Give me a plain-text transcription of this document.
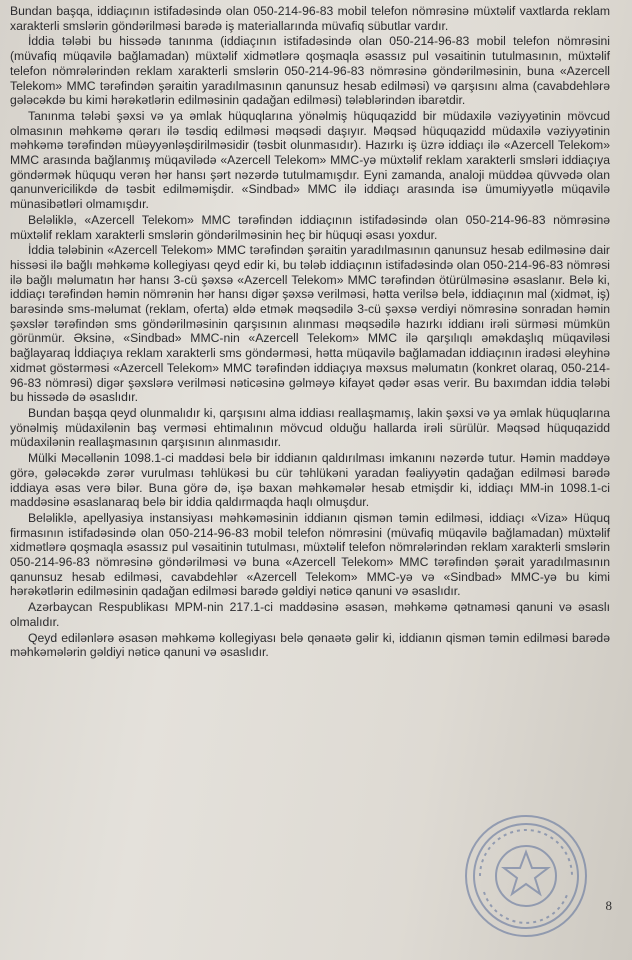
Bundan başqa, iddiaçının istifadəsində olan 050-214-96-83 mobil telefon nömrəsinə müxtəlif vaxtlarda reklam xarakterli smslərin göndərilməsi barədə iş materiallarında müvafiq sübutlar vardır.

İddia tələbi bu hissədə tanınma (iddiaçının istifadəsində olan 050-214-96-83 mobil telefon nömrəsini (müvafiq müqavilə bağlamadan) müxtəlif xidmətlərə qoşmaqla əsassız pul vəsaitinin tutulmasının, müxtəlif telefon nömrələrindən reklam xarakterli smslərin 050-214-96-83 nömrəsinə göndərilməsinin, buna «Azercell Telekom» MMC tərəfindən şəraitin yaradılmasının qanunsuz hesab edilməsi) və qarşısını alma (cavabdehlərə gələcəkdə bu kimi hərəkətlərin edilməsinin qadağan edilməsi) tələblərindən ibarətdir.

Tanınma tələbi şəxsi və ya əmlak hüquqlarına yönəlmiş hüquqazidd bir müdaxilə vəziyyətinin mövcud olmasının məhkəmə qərarı ilə təsdiq edilməsi məqsədi daşıyır. Məqsəd hüquqazidd müdaxilə vəziyyətinin məhkəmə tərəfindən müəyyənləşdirilməsidir (təsbit olunmasıdır). Hazırkı iş üzrə iddiaçı ilə «Azercell Telekom» MMC arasında bağlanmış müqavilədə «Azercell Telekom» MMC-yə müxtəlif reklam xarakterli smsləri iddiaçıya göndərmək hüququ verən hər hansı şərt nəzərdə tutulmamışdır. Eyni zamanda, analoji müddəa qüvvədə olan qanunvericilikdə də təsbit edilməmişdir. «Sindbad» MMC ilə iddiaçı arasında isə ümumiyyətlə müqavilə münasibətləri olmamışdır.

Beləliklə, «Azercell Telekom» MMC tərəfindən iddiaçının istifadəsində olan 050-214-96-83 nömrəsinə müxtəlif reklam xarakterli smslərin göndərilməsinin heç bir hüquqi əsası yoxdur.

İddia tələbinin «Azercell Telekom» MMC tərəfindən şəraitin yaradılmasının qanunsuz hesab edilməsinə dair hissəsi ilə bağlı məhkəmə kollegiyası qeyd edir ki, bu tələb iddiaçının istifadəsində olan 050-214-96-83 nömrəsi ilə bağlı məlumatın hər hansı 3-cü şəxsə «Azercell Telekom» MMC tərəfindən ötürülməsinə əsaslanır. Belə ki, iddiaçı tərəfindən həmin nömrənin hər hansı digər şəxsə verilməsi, hətta verilsə belə, iddiaçının mal (xidmət, iş) barəsində sms-məlumat (reklam, oferta) əldə etmək məqsədilə 3-cü şəxsə verdiyi nömrəsinə sonradan həmin şəxslər tərəfindən sms göndərilməsinin qarşısının alınması məqsədilə hazırkı iddianı irəli sürməsi mümkün görünmür. Əksinə, «Sindbad» MMC-nin «Azercell Telekom» MMC ilə qarşılıqlı əməkdaşlıq müqaviləsi bağlayaraq İddiaçıya reklam xarakterli sms göndərməsi, hətta müqavilə bağlamadan iddiaçının iradəsi əleyhinə xidmət göstərməsi «Azercell Telekom» MMC tərəfindən iddiaçıya məxsus məlumatın (konkret olaraq, 050-214-96-83 nömrəsi) digər şəxslərə verilməsi nəticəsinə gəlməyə kifayət qədər əsas verir. Bu baxımdan iddia tələbi bu hissədə də əsaslıdır.

Bundan başqa qeyd olunmalıdır ki, qarşısını alma iddiası reallaşmamış, lakin şəxsi və ya əmlak hüquqlarına yönəlmiş müdaxilənin baş verməsi ehtimalının mövcud olduğu hallarda irəli sürülür. Məqsəd hüquqazidd müdaxilənin reallaşmasının qarşısının alınmasıdır.

Mülki Məcəllənin 1098.1-ci maddəsi belə bir iddianın qaldırılması imkanını nəzərdə tutur. Həmin maddəyə görə, gələcəkdə zərər vurulması təhlükəsi bu cür təhlükəni yaradan fəaliyyətin qadağan edilməsi barədə iddiaya əsas verə bilər. Buna görə də, işə baxan məhkəmələr hesab etmişdir ki, iddiaçı MM-in 1098.1-ci maddəsinə əsaslanaraq belə bir iddia qaldırmaqda haqlı olmuşdur.

Beləliklə, apellyasiya instansiyası məhkəməsinin iddianın qismən təmin edilməsi, iddiaçı «Viza» Hüquq firmasının istifadəsində olan 050-214-96-83 mobil telefon nömrəsini (müvafiq müqavilə bağlamadan) müxtəlif xidmətlərə qoşmaqla əsassız pul vəsaitinin tutulması, müxtəlif telefon nömrələrindən reklam xarakterli smslərin 050-214-96-83 nömrəsinə göndərilməsi və buna «Azercell Telekom» MMC tərəfindən şərait yaradılmasının qanunsuz hesab edilməsi, cavabdehlər «Azercell Telekom» MMC-yə və «Sindbad» MMC-yə bu kimi hərəkətlərin edilməsinin qadağan edilməsi barədə gəldiyi nəticə qanuni və əsaslıdır.

Azərbaycan Respublikası MPM-nin 217.1-ci maddəsinə əsasən, məhkəmə qətnaməsi qanuni və əsaslı olmalıdır.

Qeyd edilənlərə əsasən məhkəmə kollegiyası belə qənaətə gəlir ki, iddianın qismən təmin edilməsi barədə məhkəmələrin gəldiyi nəticə qanuni və əsaslıdır.

8
